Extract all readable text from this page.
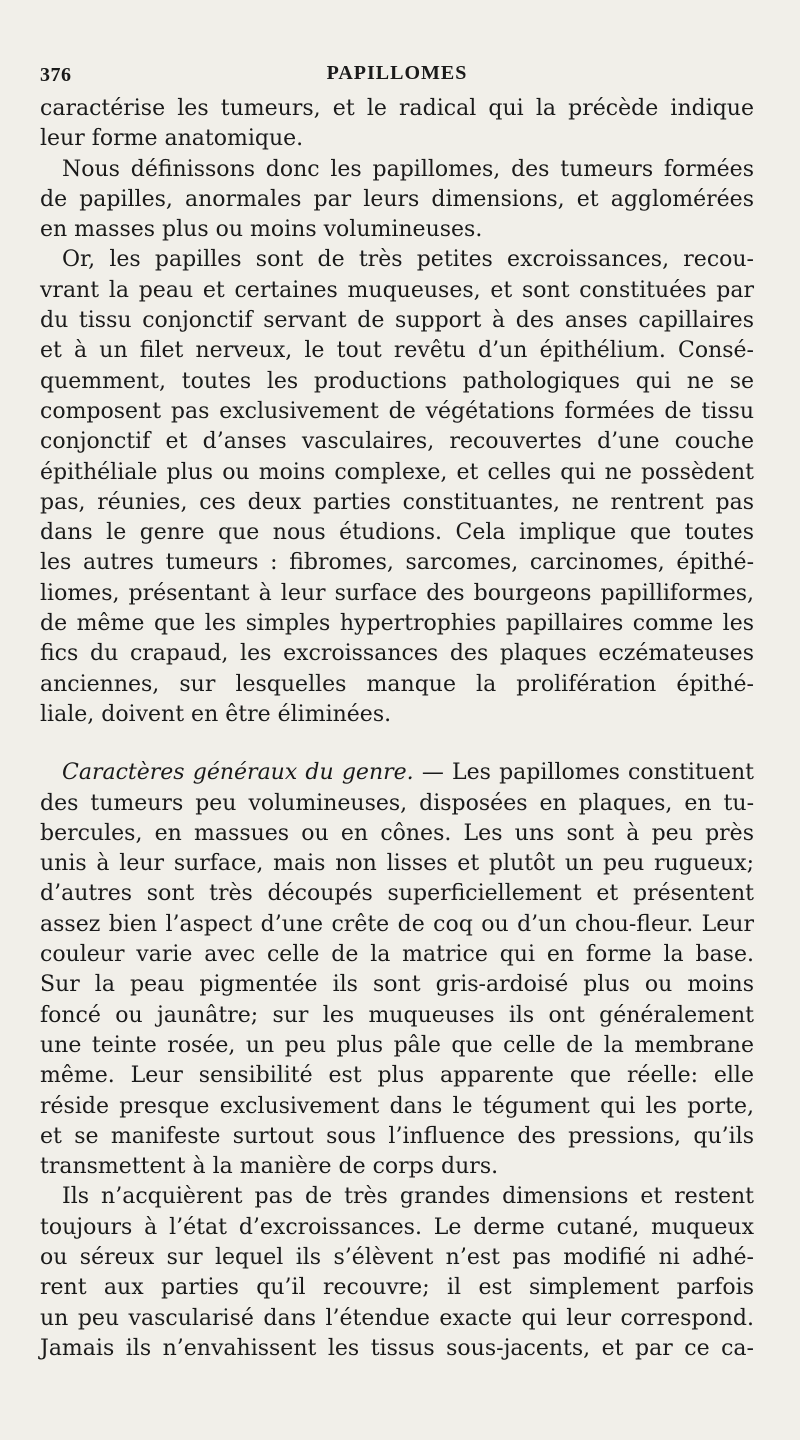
376	PAPILLOMES
caractérise les tumeurs, et le radical qui la précède indique
leur forme anatomique.
Nous définissons donc les papillomes, des tumeurs formées
de papilles, anormales par leurs dimensions, et agglomérées
en masses plus ou moins volumineuses.
Or, les papilles sont de très petites excroissances, recou-
vrant la peau et certaines muqueuses, et sont constituées par
du tissu conjonctif servant de support à des anses capillaires
et à un filet nerveux, le tout revêtu d’un épithélium. Consé-
quemment, toutes les productions pathologiques qui ne se
composent pas exclusivement de végétations formées de tissu
conjonctif et d’anses vasculaires, recouvertes d’une couche
épithéliale plus ou moins complexe, et celles qui ne possèdent
pas, réunies, ces deux parties constituantes, ne rentrent pas
dans le genre que nous étudions. Cela implique que toutes
les autres tumeurs : fibromes, sarcomes, carcinomes, épithé-
liomes, présentant à leur surface des bourgeons papilliformes,
de même que les simples hypertrophies papillaires comme les
fics du crapaud, les excroissances des plaques eczémateuses
anciennes, sur lesquelles manque la prolifération épithé-
liale, doivent en être éliminées.
Caractères généraux du genre. — Les papillomes constituent
des tumeurs peu volumineuses, disposées en plaques, en tu-
bercules, en massues ou en cônes. Les uns sont à peu près
unis à leur surface, mais non lisses et plutôt un peu rugueux;
d’autres sont très découpés superficiellement et présentent
assez bien l’aspect d’une crête de coq ou d’un chou-fleur. Leur
couleur varie avec celle de la matrice qui en forme la base.
Sur la peau pigmentée ils sont gris-ardoisé plus ou moins
foncé ou jaunâtre; sur les muqueuses ils ont généralement
une teinte rosée, un peu plus pâle que celle de la membrane
même. Leur sensibilité est plus apparente que réelle: elle
réside presque exclusivement dans le tégument qui les porte,
et se manifeste surtout sous l’influence des pressions, qu’ils
transmettent à la manière de corps durs.
Ils n’acquièrent pas de très grandes dimensions et restent
toujours à l’état d’excroissances. Le derme cutané, muqueux
ou séreux sur lequel ils s’élèvent n’est pas modifié ni adhé-
rent aux parties qu’il recouvre; il est simplement parfois
un peu vascularisé dans l’étendue exacte qui leur correspond.
Jamais ils n’envahissent les tissus sous-jacents, et par ce ca-
